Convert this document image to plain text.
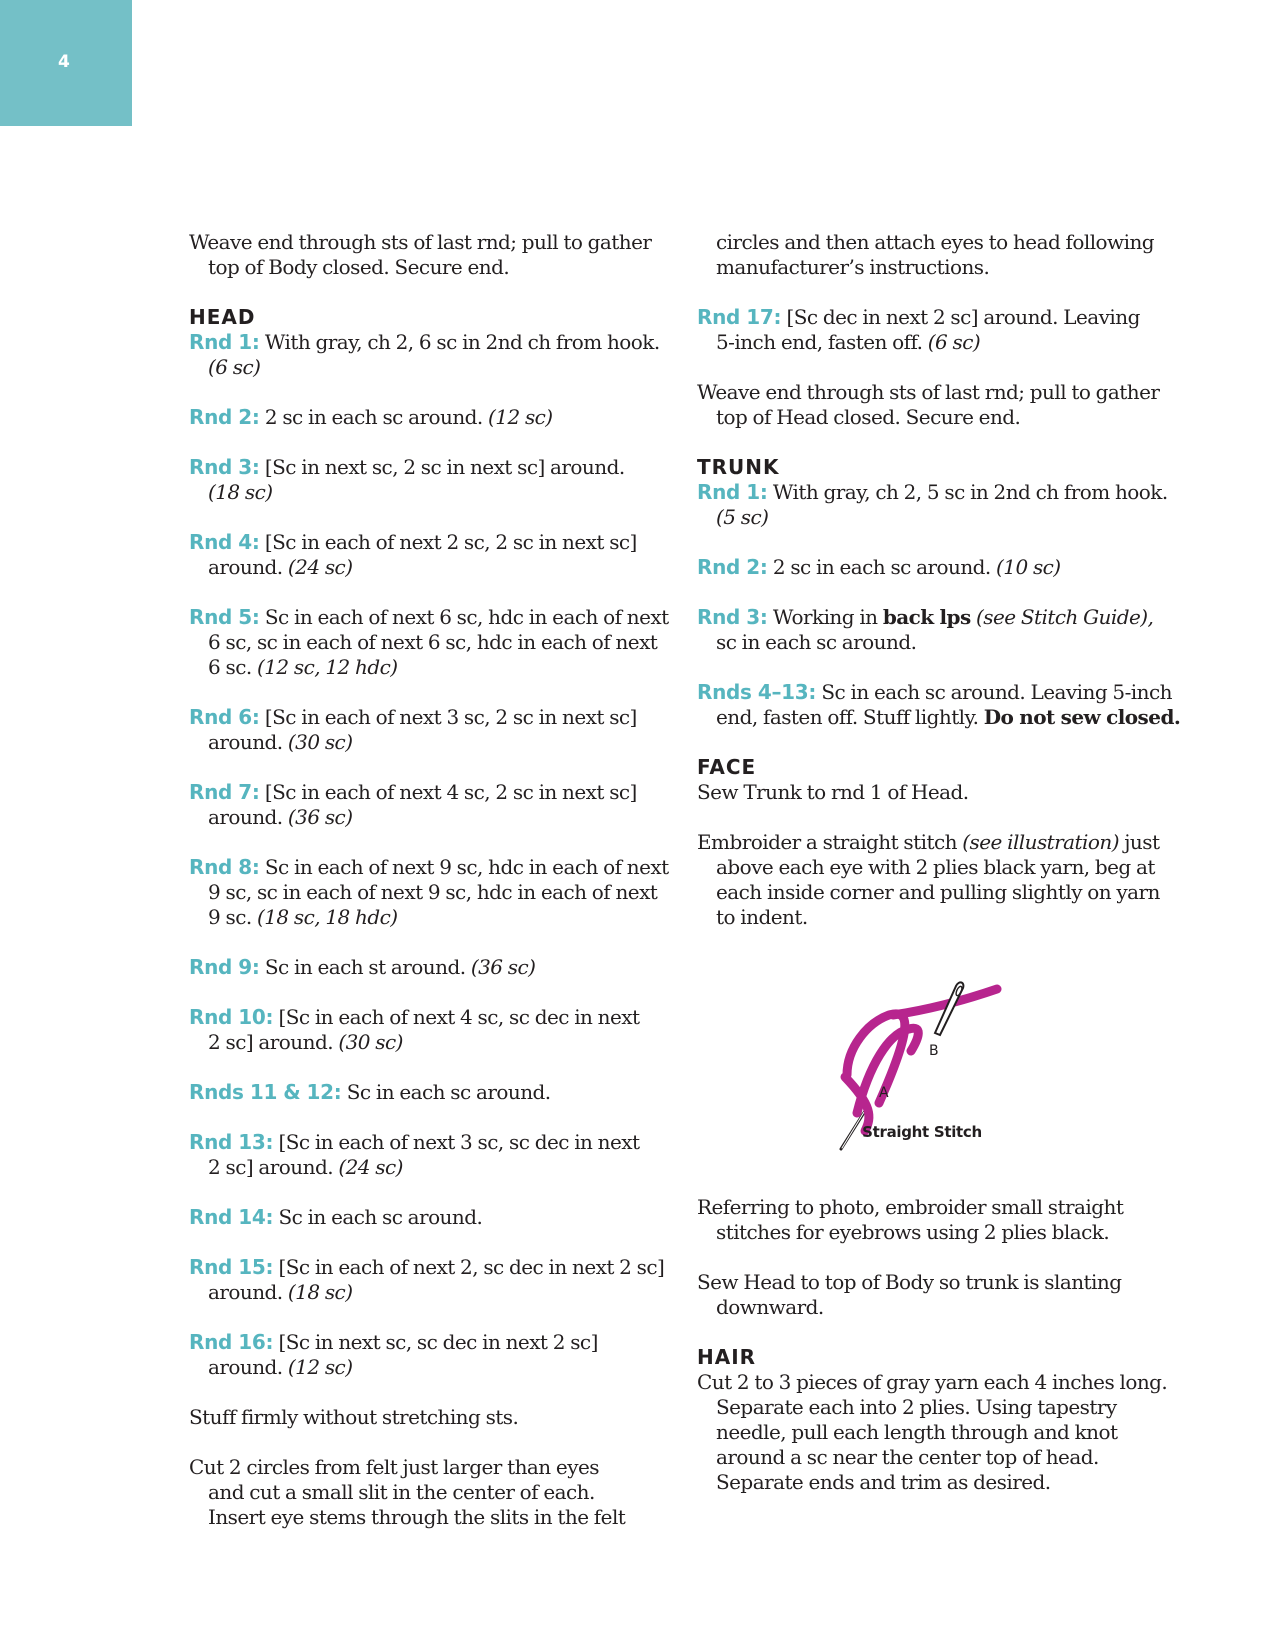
4

Weave end through sts of last rnd; pull to gather
top of Body closed. Secure end.

HEAD

Rnd 1: With gray, ch 2, 6 sc in 2nd ch from hook.
(6 sc)

Rnd 2: 2 sc in each sc around. (12 sc)

Rnd 3: [Sc in next sc, 2 sc in next sc] around.
(18 sc)

Rnd 4: [Sc in each of next 2 sc, 2 sc in next sc]
around. (24 sc)

Rnd 5: Sc in each of next 6 sc, hdc in each of next
6 sc, sc in each of next 6 sc, hdc in each of next
6 sc. (12 sc, 12 hdc)

Rnd 6: [Sc in each of next 3 sc, 2 sc in next sc]
around. (30 sc)

Rnd 7: [Sc in each of next 4 sc, 2 sc in next sc]
around. (36 sc)

Rnd 8: Sc in each of next 9 sc, hdc in each of next
9 sc, sc in each of next 9 sc, hdc in each of next
9 sc. (18 sc, 18 hdc)

Rnd 9: Sc in each st around. (36 sc)

Rnd 10: [Sc in each of next 4 sc, sc dec in next
2 sc] around. (30 sc)

Rnds 11 & 12: Sc in each sc around.

Rnd 13: [Sc in each of next 3 sc, sc dec in next
2 sc] around. (24 sc)

Rnd 14: Sc in each sc around.

Rnd 15: [Sc in each of next 2, sc dec in next 2 sc]
around. (18 sc)

Rnd 16: [Sc in next sc, sc dec in next 2 sc]
around. (12 sc)

Stuff firmly without stretching sts.

Cut 2 circles from felt just larger than eyes
and cut a small slit in the center of each.
Insert eye stems through the slits in the felt

circles and then attach eyes to head following
manufacturer’s instructions.

Rnd 17: [Sc dec in next 2 sc] around. Leaving
5-inch end, fasten off. (6 sc)

Weave end through sts of last rnd; pull to gather
top of Head closed. Secure end.

TRUNK

Rnd 1: With gray, ch 2, 5 sc in 2nd ch from hook.
(5 sc)

Rnd 2: 2 sc in each sc around. (10 sc)

Rnd 3: Working in back lps (see Stitch Guide),
sc in each sc around.

Rnds 4–13: Sc in each sc around. Leaving 5-inch
end, fasten off. Stuff lightly. Do not sew closed.

FACE

Sew Trunk to rnd 1 of Head.

Embroider a straight stitch (see illustration) just
above each eye with 2 plies black yarn, beg at
each inside corner and pulling slightly on yarn
to indent.

B
A
Straight Stitch

Referring to photo, embroider small straight
stitches for eyebrows using 2 plies black.

Sew Head to top of Body so trunk is slanting
downward.

HAIR

Cut 2 to 3 pieces of gray yarn each 4 inches long.
Separate each into 2 plies. Using tapestry
needle, pull each length through and knot
around a sc near the center top of head.
Separate ends and trim as desired.
